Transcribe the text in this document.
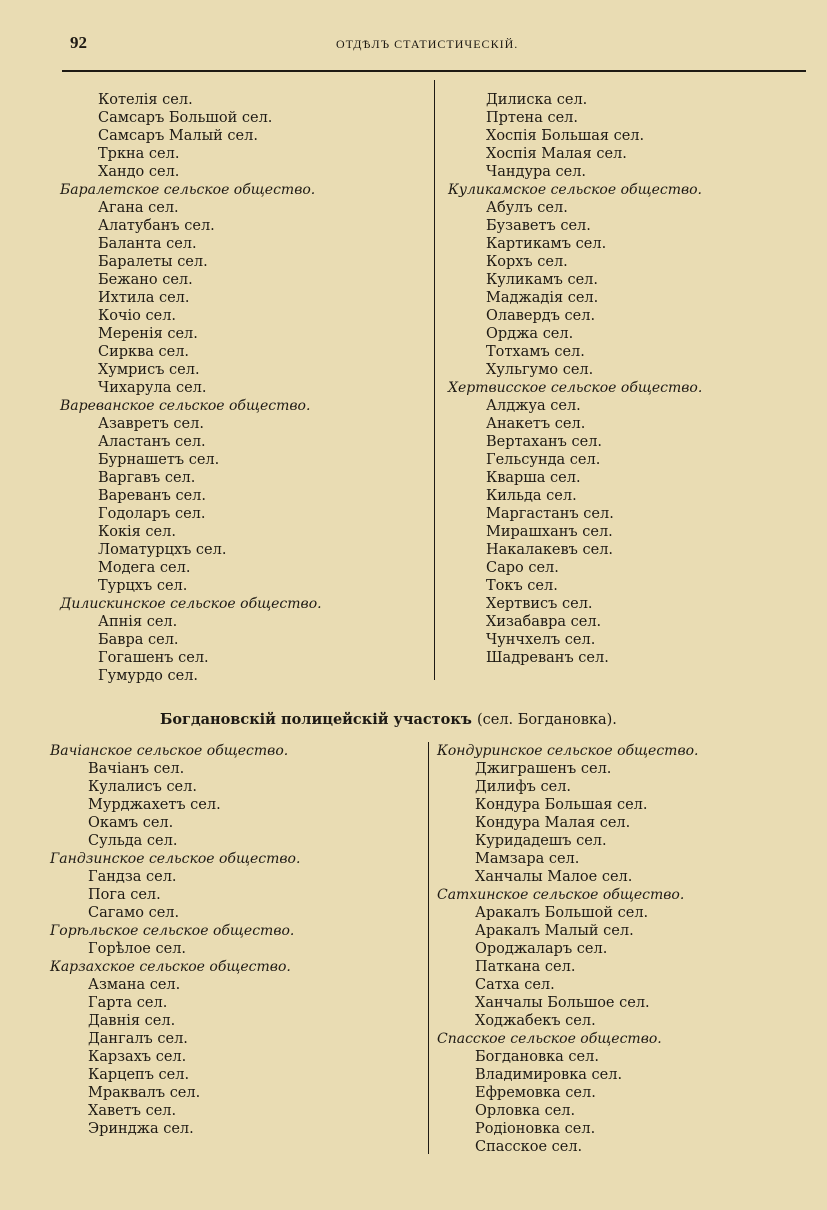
92	ОТДѢЛЪ СТАТИСТИЧЕСКІЙ.
Котелія сел.
Самсаръ Большой сел.
Самсаръ Малый сел.
Тркна сел.
Хандо сел.
Баралетское сельское общество.
Агана сел.
Алатубанъ сел.
Баланта сел.
Баралеты сел.
Бежано сел.
Ихтила сел.
Кочіо сел.
Меренія сел.
Сирква сел.
Хумрисъ сел.
Чихарула сел.
Вареванское сельское общество.
Азавретъ сел.
Аластанъ сел.
Бурнашетъ сел.
Варгавъ сел.
Вареванъ сел.
Годоларъ сел.
Кокія сел.
Ломатурцхъ сел.
Модега сел.
Турцхъ сел.
Дилискинское сельское общество.
Апнія сел.
Бавра сел.
Гогашенъ сел.
Гумурдо сел.
Дилиска сел.
Пртена сел.
Хоспія Большая сел.
Хоспія Малая сел.
Чандура сел.
Куликамское сельское общество.
Абулъ сел.
Бузаветъ сел.
Картикамъ сел.
Корхъ сел.
Куликамъ сел.
Маджадія сел.
Олавердъ сел.
Орджа сел.
Тотхамъ сел.
Хульгумо сел.
Хертвисское сельское общество.
Алджуа сел.
Анакетъ сел.
Вертаханъ сел.
Гельсунда сел.
Кварша сел.
Кильда сел.
Маргастанъ сел.
Мирашханъ сел.
Накалакевъ сел.
Саро сел.
Токъ сел.
Хертвисъ сел.
Хизабавра сел.
Чунчхелъ сел.
Шадреванъ сел.
Богдановскій полицейскій участокъ (сел. Богдановка).
Вачіанское сельское общество.
Вачіанъ сел.
Кулалисъ сел.
Мурджахетъ сел.
Окамъ сел.
Сульда сел.
Гандзинское сельское общество.
Гандза сел.
Пога сел.
Сагамо сел.
Горѣльское сельское общество.
Горѣлое сел.
Карзахское сельское общество.
Азмана сел.
Гарта сел.
Давнія сел.
Дангалъ сел.
Карзахъ сел.
Карцепъ сел.
Мраквалъ сел.
Хаветъ сел.
Эринджа сел.
Кондуринское сельское общество.
Джиграшенъ сел.
Дилифъ сел.
Кондура Большая сел.
Кондура Малая сел.
Куридадешъ сел.
Мамзара сел.
Ханчалы Малое сел.
Сатхинское сельское общество.
Аракалъ Большой сел.
Аракалъ Малый сел.
Ороджаларъ сел.
Паткана сел.
Сатха сел.
Ханчалы Большое сел.
Ходжабекъ сел.
Спасское сельское общество.
Богдановка сел.
Владимировка сел.
Ефремовка сел.
Орловка сел.
Родіоновка сел.
Спасское сел.
